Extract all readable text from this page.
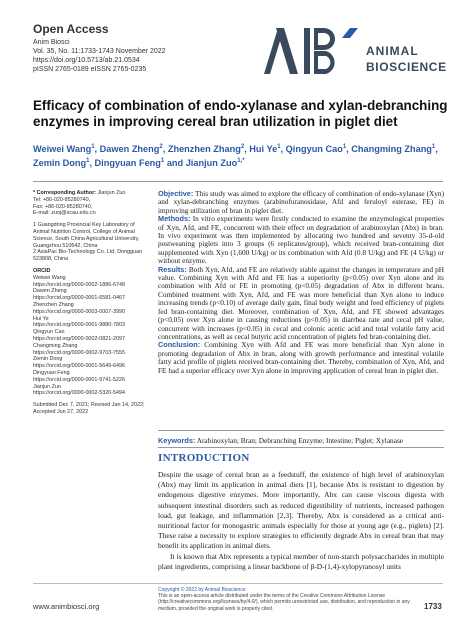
Open Access
Anim Biosci
Vol. 35, No. 11:1733-1743 November 2022
https://doi.org/10.5713/ab.21.0534
pISSN 2765-0189 eISSN 2765-0235
ANIMAL
BIOSCIENCE
Efficacy of combination of endo-xylanase and xylan-debranching enzymes in improving cereal bran utilization in piglet diet
Weiwei Wang$^1$, Dawen Zheng$^2$, Zhenzhen Zhang$^2$, Hui Ye$^1$, Qingyun Cao$^1$, Changming Zhang$^1$, Zemin Dong$^1$, Dingyuan Feng$^1$ and Jianjun Zuo$^{1,*}$
* Corresponding Author: Jianjun Zuo
Tel: +86-020-85280740,
Fax: +86-020-85280740,
E-mail: zuoj@scau.edu.cn
1 Guangdong Provincial Key Laboratory of Animal Nutrition Control, College of Animal Science, South China Agricultural University, Guangzhou 510642, China
2 AsiaPac Bio-Technology Co. Ltd, Dongguan 523808, China
ORCID
Weiwei Wang
https://orcid.org/0000-0002-1886-6748
Dawen Zheng
https://orcid.org/0000-0001-6581-0467
Zhenzhen Zhang
https://orcid.org/0000-0003-0007-3990
Hui Ye
https://orcid.org/0000-0001-9880-7803
Qingyun Cao
https://orcid.org/0000-0002-0821-2097
Changming Zhang
https://orcid.org/0000-0002-9703-7555
Zemin Dong
https://orcid.org/0000-0001-5649-6496
Dingyuan Feng
https://orcid.org/0000-0001-9741-5226
Jianjun Zuo
https://orcid.org/0000-0002-5320-5494
Submitted Dec 7, 2021; Revised Jan 14, 2022; Accepted Jun 27, 2022
Objective: This study was aimed to explore the efficacy of combination of endo-xylanase (Xyn) and xylan-debranching enzymes (arabinofuranosidase, Afd and feruloyl esterase, FE) in improving utilization of bran in piglet diet.
Methods: In vitro experiments were firstly conducted to examine the enzymological properties of Xyn, Afd, and FE, concurrent with their effect on degradation of arabinoxylan (Abx) in bran. In vivo experiment was then implemented by allocating two hundred and seventy 35-d-old postweaning piglets into 3 groups (6 replicates/group), which received bran-containing diet supplemented with Xyn (1,600 U/kg) or its combination with Afd (0.8 U/kg) and FE (4 U/kg) or without enzyme.
Results: Both Xyn, Afd, and FE are relatively stable against the changes in temperature and pH value. Combining Xyn with Afd and FE has a superiority (p<0.05) over Xyn alone and its combination with Afd or FE in promoting (p<0.05) degradation of Abx in different brans. Combined treatment with Xyn, Afd, and FE was more beneficial than Xyn alone to induce increasing trends (p<0.10) of average daily gain, final body weight and feed efficiency of piglets fed bran-containing diet. Moreover, combination of Xyn, Afd, and FE showed advantages (p<0.05) over Xyn alone in causing reductions (p<0.05) in diarrhea rate and cecal pH value, concurrent with increases (p<0.05) in cecal and colonic acetic acid and total volatile fatty acid concentrations, as well as cecal butyric acid concentration of piglets fed bran-containing diet.
Conclusion: Combining Xyn with Afd and FE was more beneficial than Xyn alone in promoting degradation of Abx in bran, along with growth performance and intestinal volatile fatty acid profile of piglets received bran-containing diet. Thereby, combination of Xyn, Afd, and FE had a superior efficacy over Xyn alone in improving application of cereal bran in piglet diet.
Keywords: Arabinoxylan; Bran; Debranching Enzyme; Intestine; Piglet; Xylanase
INTRODUCTION

Despite the usage of cereal bran as a feedstuff, the existence of high level of arabinoxylan (Abx) may limit its application in animal diets [1], because Abx is resistant to digestion by endogenous digestive enzymes. More importantly, Abx can cause viscous digesta with subsequent intestinal disorders such as reduced digestibility of nutrients, increased pathogen load, gut leakage, and inflammation [2,3]. Thereby, Abx is considered as a critical anti-nutritional factor for monogastric animals especially for those at young age (e.g., piglets) [2]. These raise a necessity to explore strategies to efficiently degrade Abx in cereal bran that may benefit its application in animal diets.

It is known that Abx represents a typical member of non-starch polysaccharides in multiple plant ingredients, comprising a linear backbone of β-D-(1,4)-xylopyranosyl units

Copyright © 2022 by Animal Bioscience
This is an open-access article distributed under the terms of the Creative Commons Attribution License (http://creativecommons.org/licenses/by/4.0/), which permits unrestricted use, distribution, and reproduction in any medium, provided the original work is properly cited.
www.animbiosci.org	1733
